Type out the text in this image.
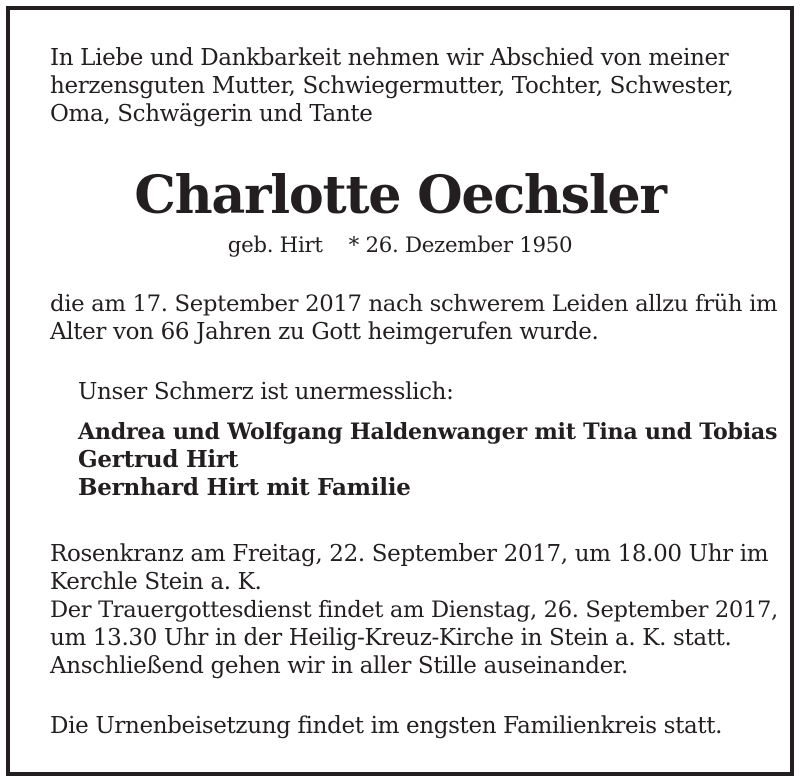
In Liebe und Dankbarkeit nehmen wir Abschied von meiner
herzensguten Mutter, Schwiegermutter, Tochter, Schwester,
Oma, Schwägerin und Tante
Charlotte Oechsler
geb. Hirt * 26. Dezember 1950
die am 17. September 2017 nach schwerem Leiden allzu früh im
Alter von 66 Jahren zu Gott heimgerufen wurde.
Unser Schmerz ist unermesslich:
Andrea und Wolfgang Haldenwanger mit Tina und Tobias
Gertrud Hirt
Bernhard Hirt mit Familie
Rosenkranz am Freitag, 22. September 2017, um 18.00 Uhr im
Kerchle Stein a. K.
Der Trauergottesdienst findet am Dienstag, 26. September 2017,
um 13.30 Uhr in der Heilig-Kreuz-Kirche in Stein a. K. statt.
Anschließend gehen wir in aller Stille auseinander.
Die Urnenbeisetzung findet im engsten Familienkreis statt.
